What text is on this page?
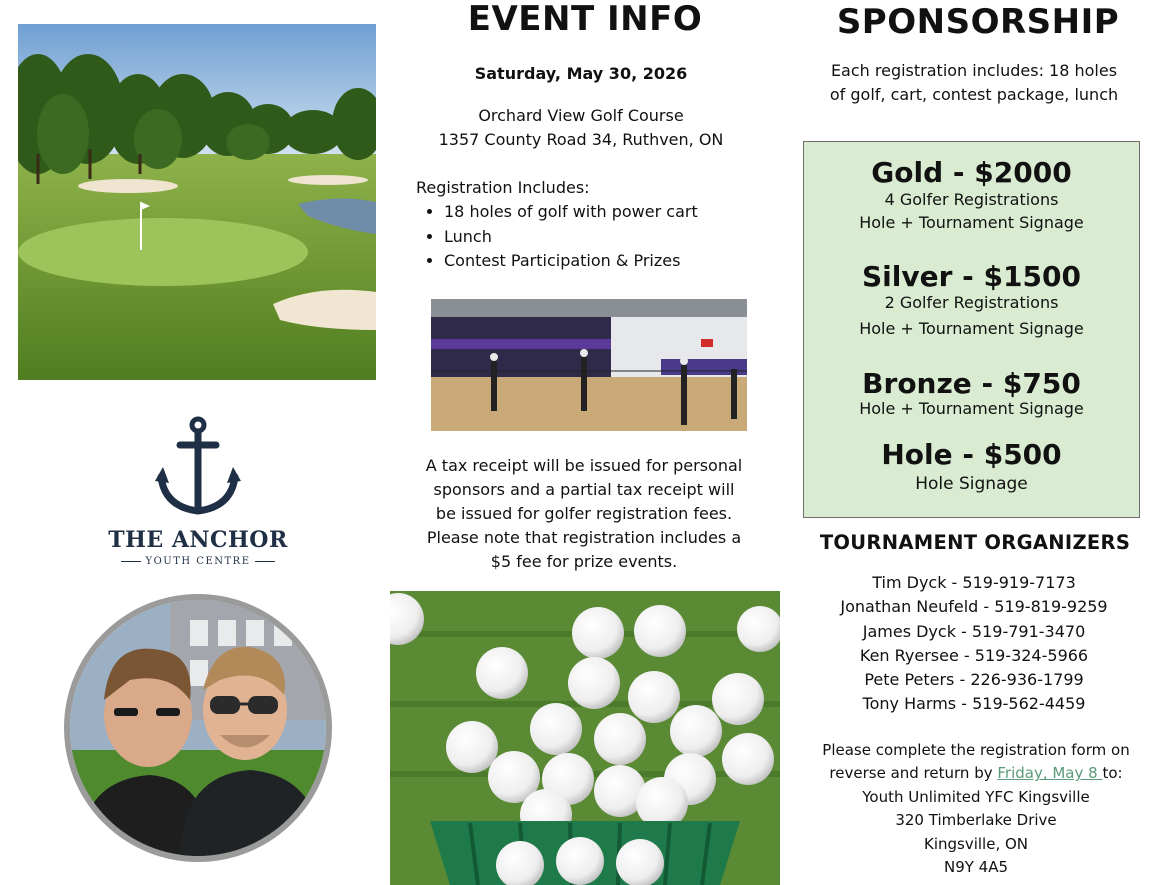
THE ANCHOR
YOUTH CENTRE
EVENT INFO
Saturday, May 30, 2026
Orchard View Golf Course
1357 County Road 34, Ruthven, ON
Registration Includes:
• 18 holes of golf with power cart
• Lunch
• Contest Participation & Prizes
A tax receipt will be issued for personal
sponsors and a partial tax receipt will
be issued for golfer registration fees.
Please note that registration includes a
$5 fee for prize events.
SPONSORSHIP
Each registration includes: 18 holes
of golf, cart, contest package, lunch
Gold - $2000
4 Golfer Registrations
Hole + Tournament Signage
Silver - $1500
2 Golfer Registrations
Hole + Tournament Signage
Bronze - $750
Hole + Tournament Signage
Hole - $500
Hole Signage
TOURNAMENT ORGANIZERS
Tim Dyck - 519-919-7173
Jonathan Neufeld - 519-819-9259
James Dyck - 519-791-3470
Ken Ryersee - 519-324-5966
Pete Peters - 226-936-1799
Tony Harms - 519-562-4459
Please complete the registration form on
reverse and return by Friday, May 8 to:
Youth Unlimited YFC Kingsville
320 Timberlake Drive
Kingsville, ON
N9Y 4A5
